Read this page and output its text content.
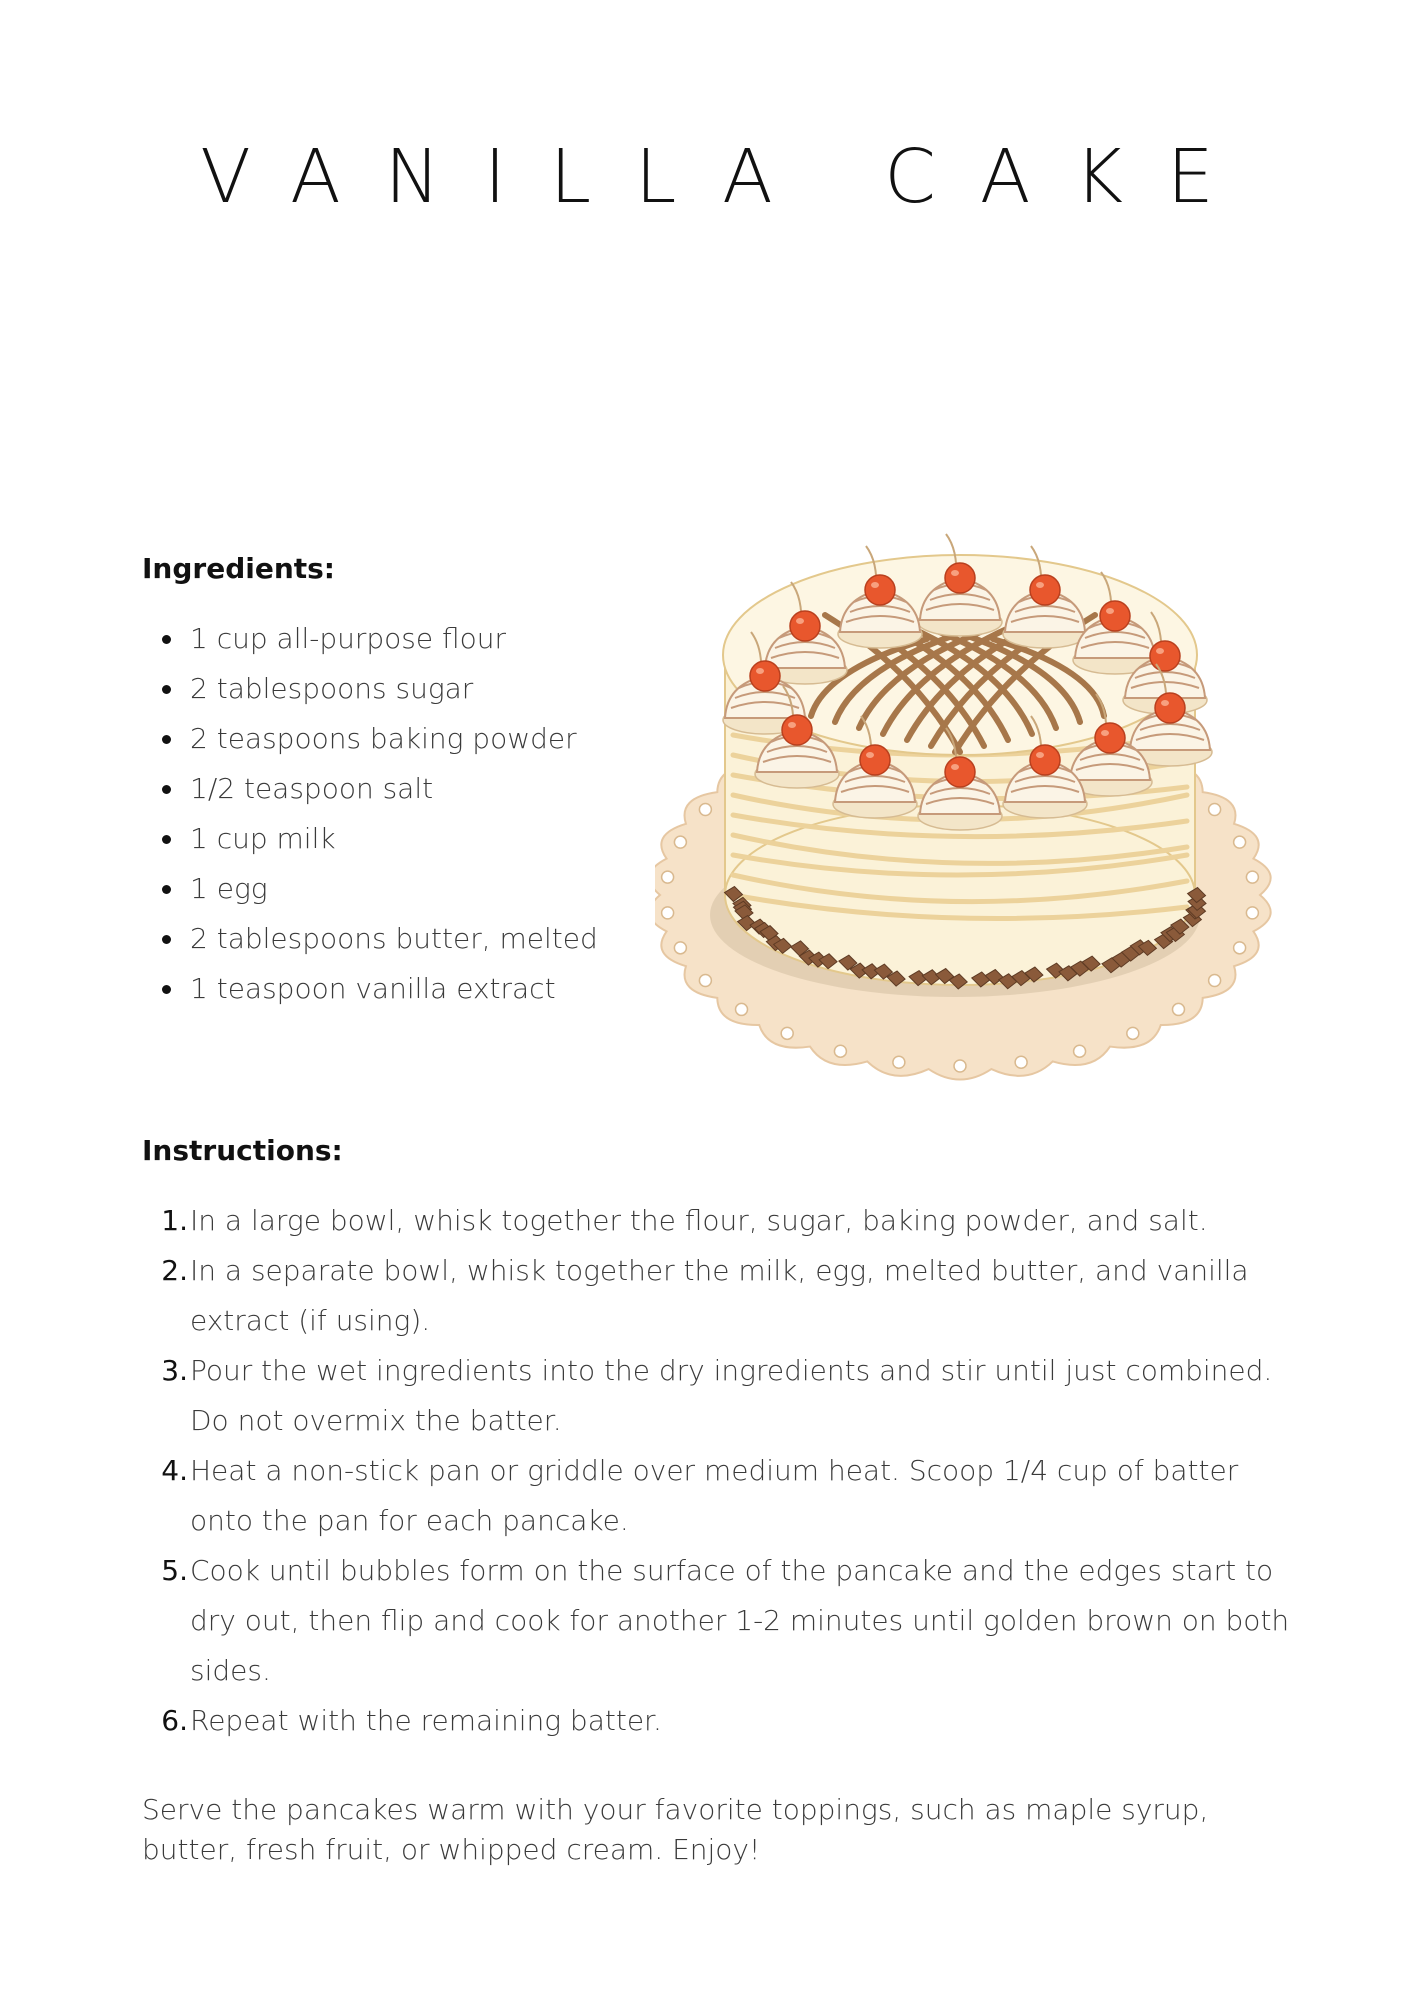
VANILLA CAKE
Ingredients:
1 cup all-purpose flour
2 tablespoons sugar
2 teaspoons baking powder
1/2 teaspoon salt
1 cup milk
1 egg
2 tablespoons butter, melted
1 teaspoon vanilla extract
Instructions:
1. In a large bowl, whisk together the flour, sugar, baking powder, and salt.
2. In a separate bowl, whisk together the milk, egg, melted butter, and vanilla extract (if using).
3. Pour the wet ingredients into the dry ingredients and stir until just combined. Do not overmix the batter.
4. Heat a non-stick pan or griddle over medium heat. Scoop 1/4 cup of batter onto the pan for each pancake.
5. Cook until bubbles form on the surface of the pancake and the edges start to dry out, then flip and cook for another 1-2 minutes until golden brown on both sides.
6. Repeat with the remaining batter.

Serve the pancakes warm with your favorite toppings, such as maple syrup, butter, fresh fruit, or whipped cream. Enjoy!
